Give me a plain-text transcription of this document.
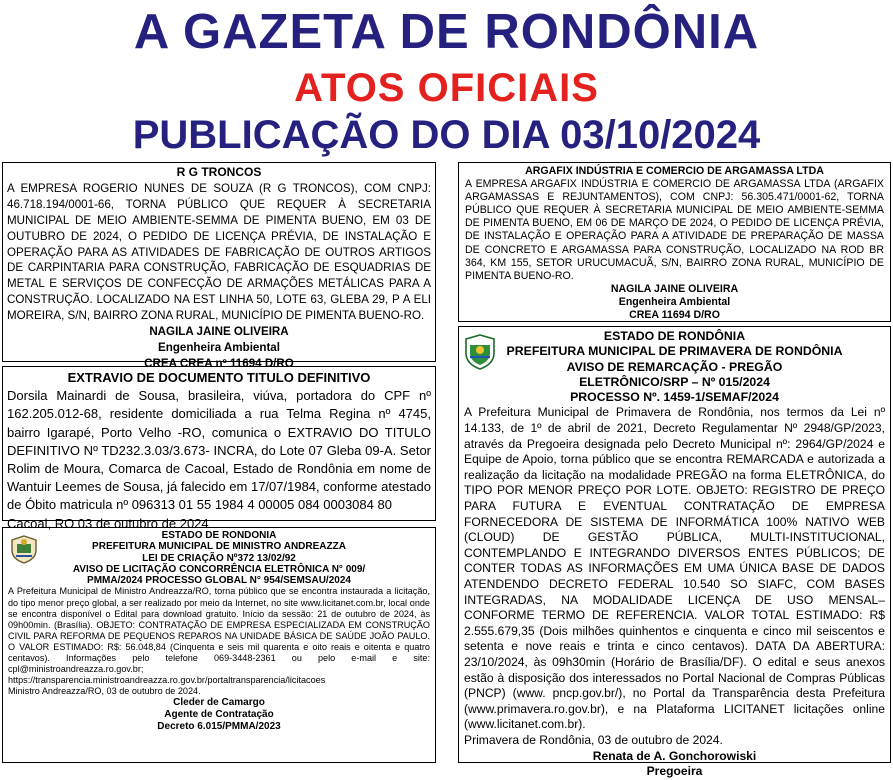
A GAZETA DE RONDÔNIA
ATOS OFICIAIS
PUBLICAÇÃO DO DIA 03/10/2024

R G TRONCOS

A EMPRESA ROGERIO NUNES DE SOUZA (R G TRONCOS), COM CNPJ: 46.718.194/0001-66, TORNA PÚBLICO QUE REQUER À SECRETARIA MUNICIPAL DE MEIO AMBIENTE-SEMMA DE PIMENTA BUENO, EM 03 DE OUTUBRO DE 2024, O PEDIDO DE LICENÇA PRÉVIA, DE INSTALAÇÃO E OPERAÇÃO PARA AS ATIVIDADES DE FABRICAÇÃO DE OUTROS ARTIGOS DE CARPINTARIA PARA CONSTRUÇÃO, FABRICAÇÃO DE ESQUADRIAS DE METAL E SERVIÇOS DE CONFECÇÃO DE ARMAÇÕES METÁLICAS PARA A CONSTRUÇÃO. LOCALIZADO NA EST LINHA 50, LOTE 63, GLEBA 29, P A ELI MOREIRA, S/N, BAIRRO ZONA RURAL, MUNICÍPIO DE PIMENTA BUENO-RO.

NAGILA JAINE OLIVEIRA

Engenheira Ambiental

CREA CREA nº 11694 D/RO

ARGAFIX INDÚSTRIA E COMERCIO DE ARGAMASSA LTDA

A EMPRESA ARGAFIX INDÚSTRIA E COMERCIO DE ARGAMASSA LTDA (ARGAFIX ARGAMASSAS E REJUNTAMENTOS), COM CNPJ: 56.305.471/0001-62, TORNA PÚBLICO QUE REQUER À SECRETARIA MUNICIPAL DE MEIO AMBIENTE-SEMMA DE PIMENTA BUENO, EM 06 DE MARÇO DE 2024, O PEDIDO DE LICENÇA PRÉVIA, DE INSTALAÇÃO E OPERAÇÃO PARA A ATIVIDADE DE PREPARAÇÃO DE MASSA DE CONCRETO E ARGAMASSA PARA CONSTRUÇÃO, LOCALIZADO NA ROD BR 364, KM 155, SETOR URUCUMACUÃ, S/N, BAIRRO ZONA RURAL, MUNICÍPIO DE PIMENTA BUENO-RO.

NAGILA JAINE OLIVEIRA

Engenheira Ambiental

CREA 11694 D/RO

EXTRAVIO DE DOCUMENTO TITULO DEFINITIVO

Dorsila Mainardi de Sousa, brasileira, viúva, portadora do CPF nº 162.205.012-68, residente domiciliada a rua Telma Regina nº 4745, bairro Igarapé, Porto Velho -RO, comunica o EXTRAVIO DO TITULO DEFINITIVO Nº TD232.3.03/3.673- INCRA, do Lote 07 Gleba 09-A. Setor Rolim de Moura, Comarca de Cacoal, Estado de Rondônia em nome de Wantuir Leemes de Sousa, já falecido em 17/07/1984, conforme atestado de Óbito matricula nº 096313 01 55 1984 4 00005 084 0003084 80

Cacoal, RO 03 de outubro de 2024

ESTADO DE RONDONIA

PREFEITURA MUNICIPAL DE MINISTRO ANDREAZZA

LEI DE CRIAÇÃO Nº372 13/02/92

AVISO DE LICITAÇÃO CONCORRÊNCIA ELETRÔNICA N° 009/

PMMA/2024 PROCESSO GLOBAL N° 954/SEMSAU/2024

A Prefeitura Municipal de Ministro Andreazza/RO, torna público que se encontra instaurada a licitação, do tipo menor preço global, a ser realizado por meio da Internet, no site www.licitanet.com.br, local onde se encontra disponível o Edital para download gratuito. Início da sessão: 21 de outubro de 2024, às 09h00min. (Brasília). OBJETO: CONTRATAÇÃO DE EMPRESA ESPECIALIZADA EM CONSTRUÇÃO CIVIL PARA REFORMA DE PEQUENOS REPAROS NA UNIDADE BÁSICA DE SAÚDE JOÃO PAULO. O VALOR ESTIMADO: R$: 56.048,84 (Cinquenta e seis mil quarenta e oito reais e oitenta e quatro centavos). Informações pelo telefone 069-3448-2361 ou pelo e-mail e site: cpl@ministroandreazza.ro.gov.br; https://transparencia.ministroandreazza.ro.gov.br/portaltransparencia/licitacoes

Ministro Andreazza/RO, 03 de outubro de 2024.

Cleder de Camargo

Agente de Contratação

Decreto 6.015/PMMA/2023

ESTADO DE RONDÔNIA

PREFEITURA MUNICIPAL DE PRIMAVERA DE RONDÔNIA

AVISO DE REMARCAÇÃO - PREGÃO

ELETRÔNICO/SRP – Nº 015/2024

PROCESSO Nº. 1459-1/SEMAF/2024

A Prefeitura Municipal de Primavera de Rondônia, nos termos da Lei nº 14.133, de 1º de abril de 2021, Decreto Regulamentar Nº 2948/GP/2023, através da Pregoeira designada pelo Decreto Municipal nº: 2964/GP/2024 e Equipe de Apoio, torna público que se encontra REMARCADA e autorizada a realização da licitação na modalidade PREGÃO na forma ELETRÔNICA, do TIPO POR MENOR PREÇO POR LOTE. OBJETO: REGISTRO DE PREÇO PARA FUTURA E EVENTUAL CONTRATAÇÃO DE EMPRESA FORNECEDORA DE SISTEMA DE INFORMÁTICA 100% NATIVO WEB (CLOUD) DE GESTÃO PÚBLICA, MULTI-INSTITUCIONAL, CONTEMPLANDO E INTEGRANDO DIVERSOS ENTES PÚBLICOS; DE CONTER TODAS AS INFORMAÇÕES EM UMA ÚNICA BASE DE DADOS ATENDENDO DECRETO FEDERAL 10.540 SO SIAFC, COM BASES INTEGRADAS, NA MODALIDADE LICENÇA DE USO MENSAL– CONFORME TERMO DE REFERENCIA. VALOR TOTAL ESTIMADO: R$ 2.555.679,35 (Dois milhões quinhentos e cinquenta e cinco mil seiscentos e setenta e nove reais e trinta e cinco centavos). DATA DA ABERTURA: 23/10/2024, às 09h30min (Horário de Brasília/DF). O edital e seus anexos estão à disposição dos interessados no Portal Nacional de Compras Públicas (PNCP) (www. pncp.gov.br/), no Portal da Transparência desta Prefeitura (www.primavera.ro.gov.br), e na Plataforma LICITANET licitações online (www.licitanet.com.br).

Primavera de Rondônia, 03 de outubro de 2024.

Renata de A. Gonchorowiski

Pregoeira
